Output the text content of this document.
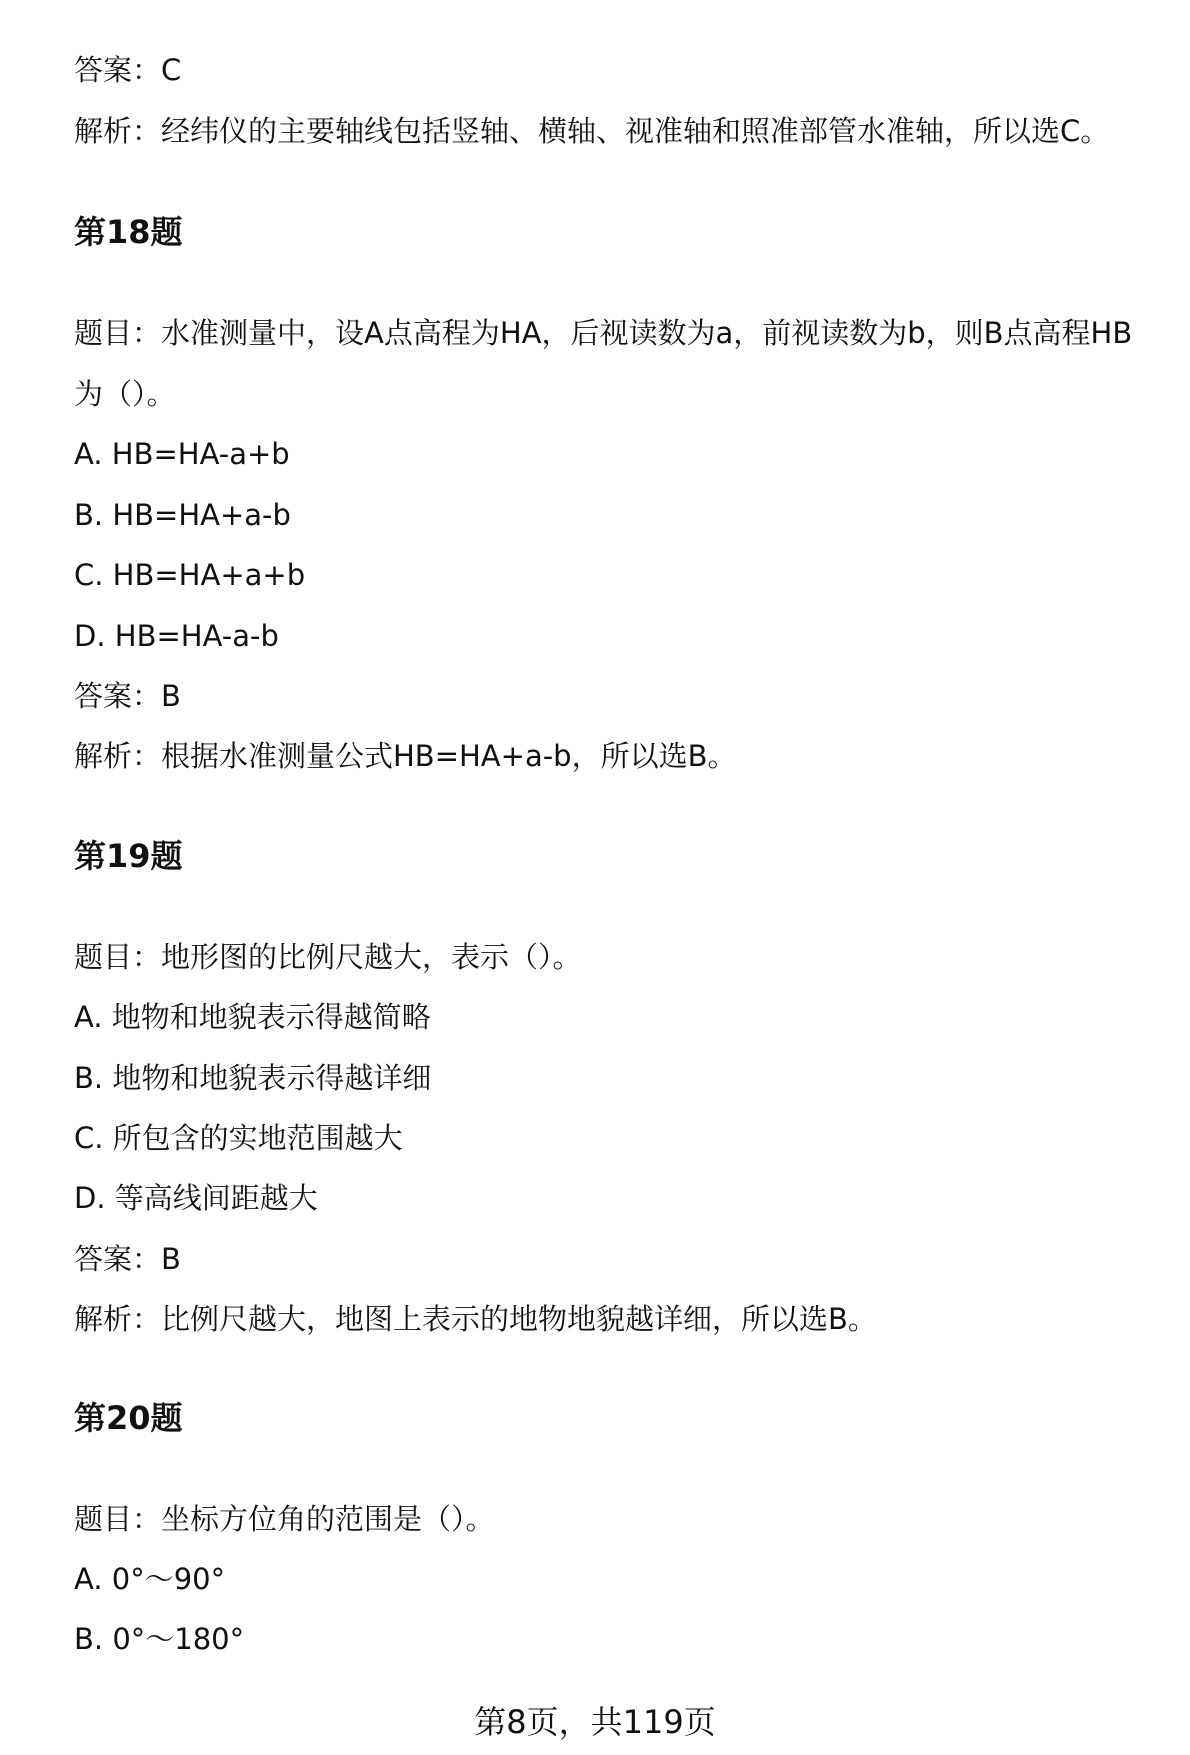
答案：C
解析：经纬仪的主要轴线包括竖轴、横轴、视准轴和照准部管水准轴，所以选C。
第18题
题目：水准测量中，设A点高程为HA，后视读数为a，前视读数为b，则B点高程HB
为（）。
A. HB=HA-a+b
B. HB=HA+a-b
C. HB=HA+a+b
D. HB=HA-a-b
答案：B
解析：根据水准测量公式HB=HA+a-b，所以选B。
第19题
题目：地形图的比例尺越大，表示（）。
A. 地物和地貌表示得越简略
B. 地物和地貌表示得越详细
C. 所包含的实地范围越大
D. 等高线间距越大
答案：B
解析：比例尺越大，地图上表示的地物地貌越详细，所以选B。
第20题
题目：坐标方位角的范围是（）。
A. 0°～90°
B. 0°～180°
第8页，共119页
